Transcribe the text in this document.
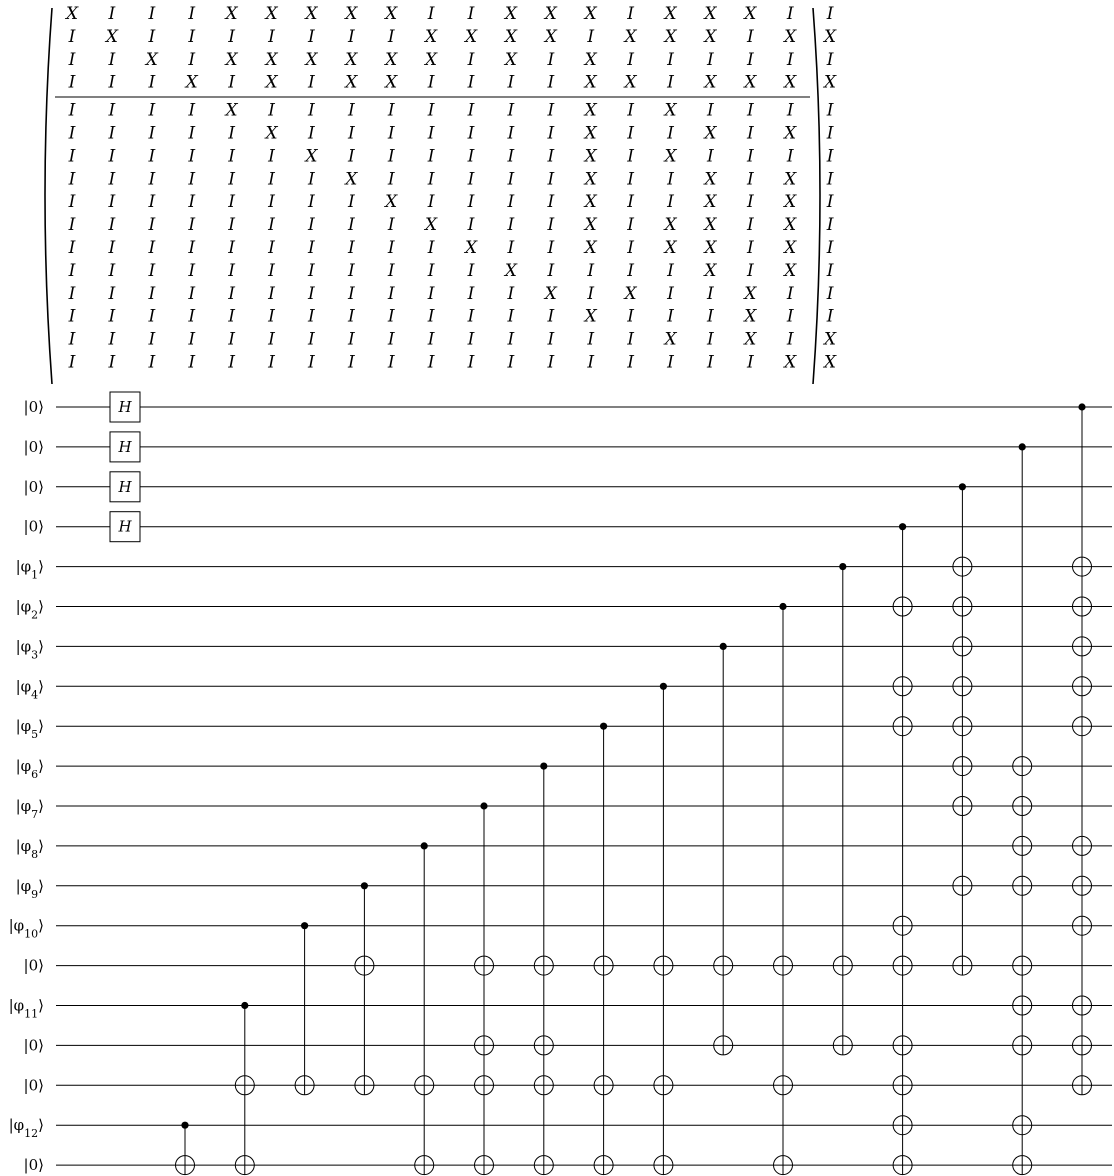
X I I I X X X X X I I X X X I X X X I I
I X I I I I I I I X X X X I X X X I X X
I I X I X X X X X X I X I X I I I I I I
I I I X I X I X X I I I I X X I X X X X
I I I I X I I I I I I I I X I X I I I I
I I I I I X I I I I I I I X I I X I X I
I I I I I I X I I I I I I X I X I I I I
I I I I I I I X I I I I I X I I X I X I
I I I I I I I I X I I I I X I I X I X I
I I I I I I I I I X I I I X I X X I X I
I I I I I I I I I I X I I X I X X I X I
I I I I I I I I I I I X I I I I X I X I
I I I I I I I I I I I I X I X I I X I I
I I I I I I I I I I I I I X I I I X I I
I I I I I I I I I I I I I I I X I X I X
I I I I I I I I I I I I I I I I I I X X
|0⟩
|0⟩
|0⟩
|0⟩
$|\varphi_1⟩$
$|\varphi_2⟩$
$|\varphi_3⟩$
$|\varphi_4⟩$
$|\varphi_5⟩$
$|\varphi_6⟩$
$|\varphi_7⟩$
$|\varphi_8⟩$
$|\varphi_9⟩$
$|\varphi_{10}⟩$
|0⟩
$|\varphi_{11}⟩$
|0⟩
|0⟩
$|\varphi_{12}⟩$
|0⟩
H
H
H
H
